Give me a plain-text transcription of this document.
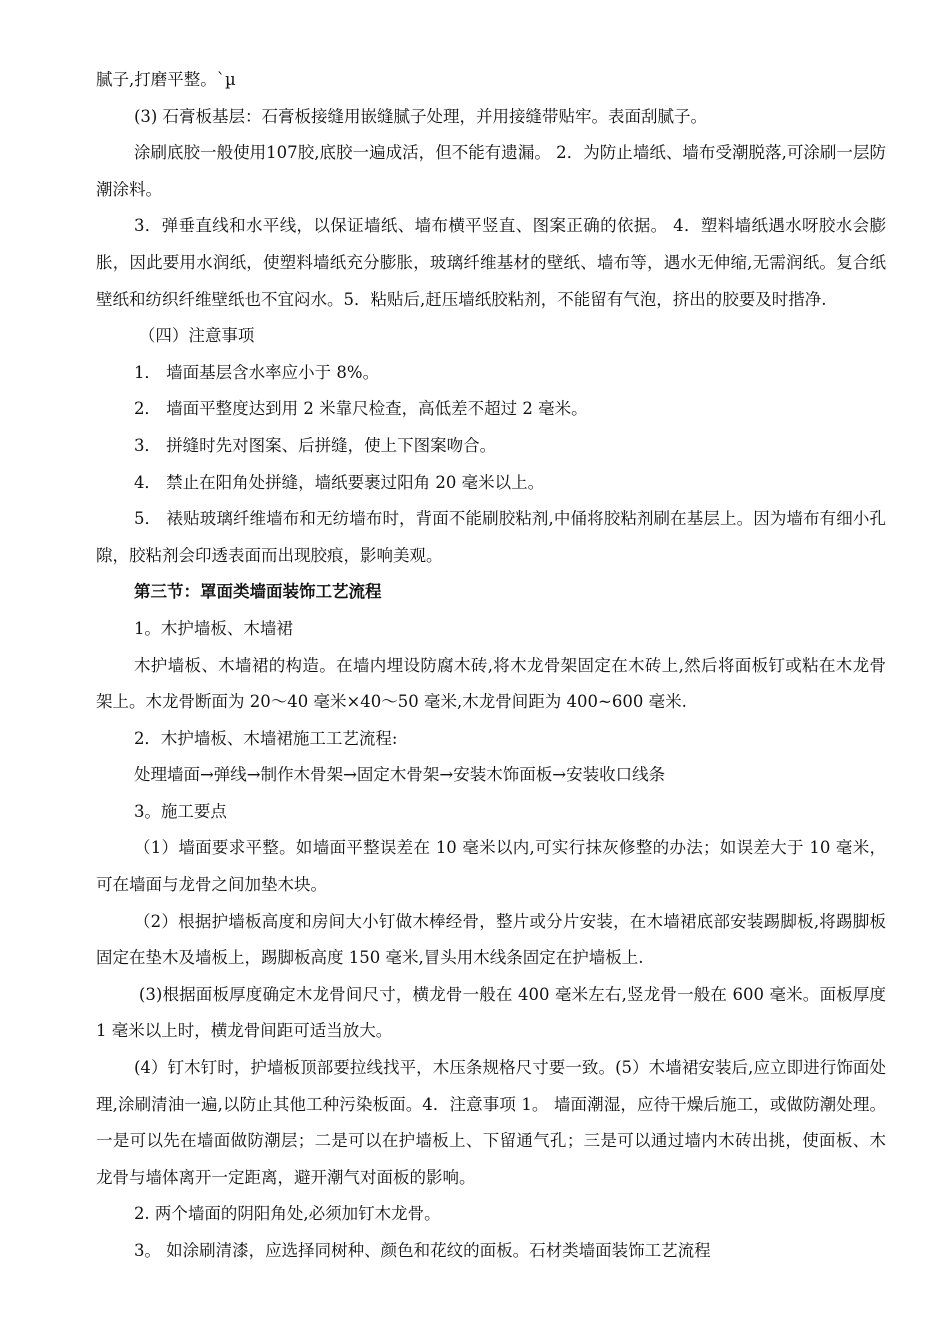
腻子,打磨平整。`µ

(3) 石膏板基层：石膏板接缝用嵌缝腻子处理，并用接缝带贴牢。表面刮腻子。

涂刷底胶一般使用107胶,底胶一遍成活，但不能有遗漏。 2．为防止墙纸、墙布受潮脱落,可涂刷一层防潮涂料。

3．弹垂直线和水平线，以保证墙纸、墙布横平竖直、图案正确的依据。 4．塑料墙纸遇水呀胶水会膨胀，因此要用水润纸，使塑料墙纸充分膨胀，玻璃纤维基材的壁纸、墙布等，遇水无伸缩,无需润纸。复合纸壁纸和纺织纤维壁纸也不宜闷水。5．粘贴后,赶压墙纸胶粘剂，不能留有气泡，挤出的胶要及时揩净.

（四）注意事项

1． 墙面基层含水率应小于 8%。

2． 墙面平整度达到用 2 米靠尺检查，高低差不超过 2 毫米。

3． 拼缝时先对图案、后拼缝，使上下图案吻合。

4． 禁止在阳角处拼缝，墙纸要裹过阳角 20 毫米以上。

5． 裱贴玻璃纤维墙布和无纺墙布时，背面不能刷胶粘剂,中俑将胶粘剂刷在基层上。因为墙布有细小孔隙，胶粘剂会印透表面而出现胶痕，影响美观。

第三节：罩面类墙面装饰工艺流程

1。木护墙板、木墙裙

木护墙板、木墙裙的构造。在墙内埋设防腐木砖,将木龙骨架固定在木砖上,然后将面板钉或粘在木龙骨架上。木龙骨断面为 20～40 毫米×40～50 毫米,木龙骨间距为 400~600 毫米.

2．木护墙板、木墙裙施工工艺流程:

处理墙面→弹线→制作木骨架→固定木骨架→安装木饰面板→安装收口线条

3。施工要点

（1）墙面要求平整。如墙面平整误差在 10 毫米以内,可实行抹灰修整的办法；如误差大于 10 毫米，可在墙面与龙骨之间加垫木块。

（2）根据护墙板高度和房间大小钉做木棒经骨，整片或分片安装，在木墙裙底部安装踢脚板,将踢脚板固定在垫木及墙板上，踢脚板高度 150 毫米,冒头用木线条固定在护墙板上.

(3)根据面板厚度确定木龙骨间尺寸，横龙骨一般在 400 毫米左右,竖龙骨一般在 600 毫米。面板厚度 1 毫米以上时，横龙骨间距可适当放大。

(4）钉木钉时，护墙板顶部要拉线找平，木压条规格尺寸要一致。(5）木墙裙安装后,应立即进行饰面处理,涂刷清油一遍,以防止其他工种污染板面。4．注意事项 1。 墙面潮湿，应待干燥后施工，或做防潮处理。一是可以先在墙面做防潮层；二是可以在护墙板上、下留通气孔；三是可以通过墙内木砖出挑，使面板、木龙骨与墙体离开一定距离，避开潮气对面板的影响。

2. 两个墙面的阴阳角处,必须加钉木龙骨。

3。 如涂刷清漆，应选择同树种、颜色和花纹的面板。石材类墙面装饰工艺流程
